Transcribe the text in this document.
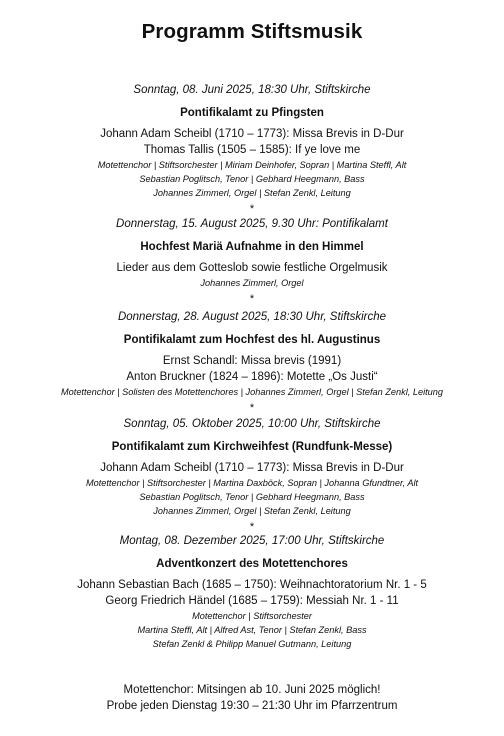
Programm Stiftsmusik
Sonntag, 08. Juni 2025, 18:30 Uhr, Stiftskirche
Pontifikalamt zu Pfingsten
Johann Adam Scheibl (1710 – 1773): Missa Brevis in D-Dur
Thomas Tallis (1505 – 1585): If ye love me
Motettenchor | Stiftsorchester | Miriam Deinhofer, Sopran | Martina Steffl, Alt
Sebastian Poglitsch, Tenor | Gebhard Heegmann, Bass
Johannes Zimmerl, Orgel | Stefan Zenkl, Leitung
*
Donnerstag, 15. August 2025, 9.30 Uhr: Pontifikalamt
Hochfest Mariä Aufnahme in den Himmel
Lieder aus dem Gotteslob sowie festliche Orgelmusik
Johannes Zimmerl, Orgel
*
Donnerstag, 28. August 2025, 18:30 Uhr, Stiftskirche
Pontifikalamt zum Hochfest des hl. Augustinus
Ernst Schandl: Missa brevis (1991)
Anton Bruckner (1824 – 1896): Motette „Os Justi“
Motettenchor | Solisten des Motettenchores | Johannes Zimmerl, Orgel | Stefan Zenkl, Leitung
*
Sonntag, 05. Oktober 2025, 10:00 Uhr, Stiftskirche
Pontifikalamt zum Kirchweihfest (Rundfunk-Messe)
Johann Adam Scheibl (1710 – 1773): Missa Brevis in D-Dur
Motettenchor | Stiftsorchester | Martina Daxböck, Sopran | Johanna Gfundtner, Alt
Sebastian Poglitsch, Tenor | Gebhard Heegmann, Bass
Johannes Zimmerl, Orgel | Stefan Zenkl, Leitung
*
Montag, 08. Dezember 2025, 17:00 Uhr, Stiftskirche
Adventkonzert des Motettenchores
Johann Sebastian Bach (1685 – 1750): Weihnachtoratorium Nr. 1 - 5
Georg Friedrich Händel (1685 – 1759): Messiah Nr. 1 - 11
Motettenchor | Stiftsorchester
Martina Steffl, Alt | Alfred Ast, Tenor | Stefan Zenkl, Bass
Stefan Zenkl & Philipp Manuel Gutmann, Leitung
Motettenchor: Mitsingen ab 10. Juni 2025 möglich!
Probe jeden Dienstag 19:30 – 21:30 Uhr im Pfarrzentrum
